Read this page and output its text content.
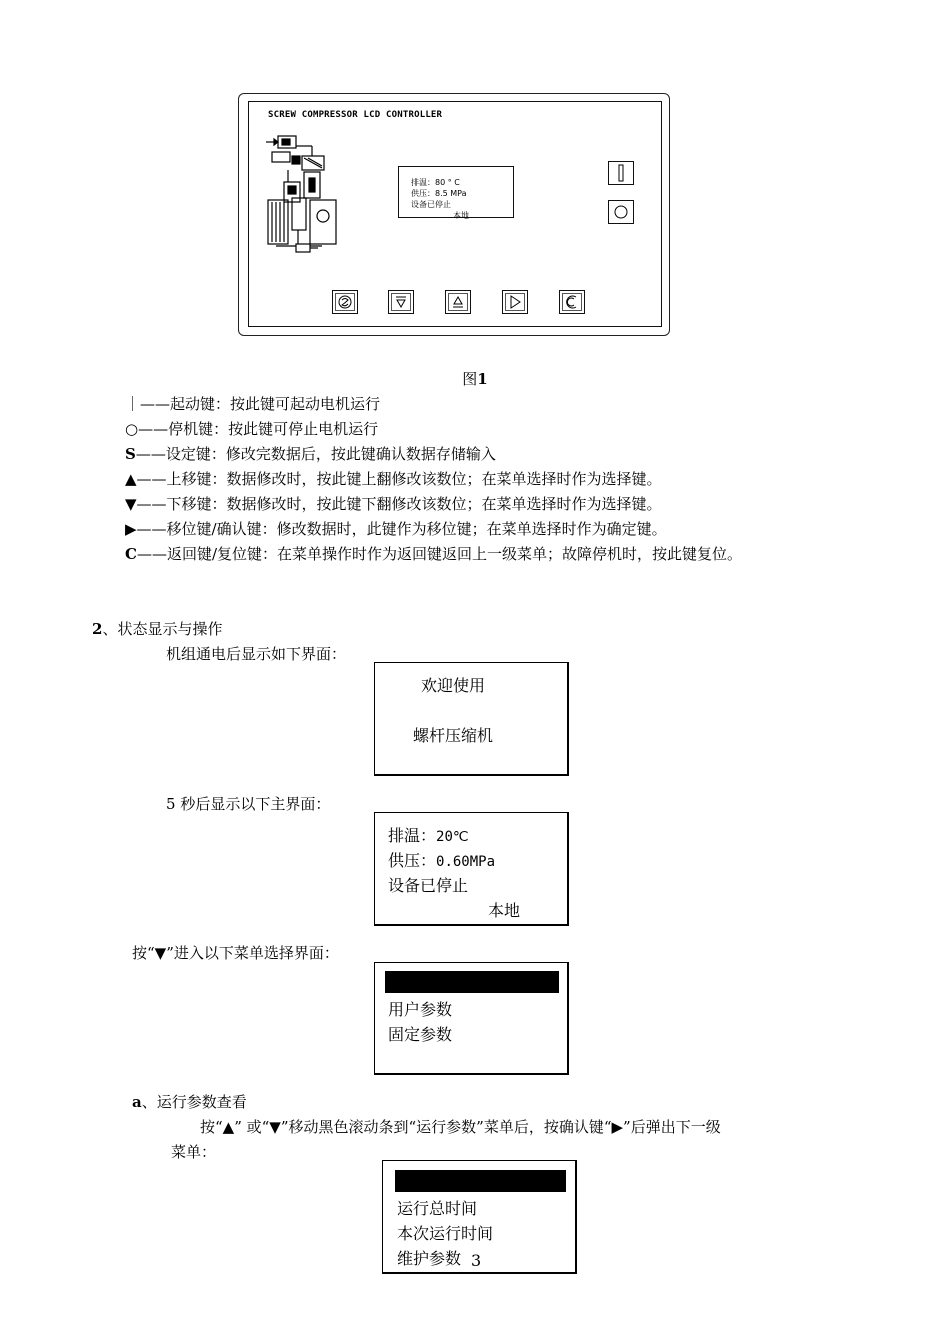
SCREW COMPRESSOR LCD CONTROLLER
排温：80 ° C
供压：8.5 MPa
设备已停止
本地
图1
｜——起动键：按此键可起动电机运行
○——停机键：按此键可停止电机运行
S——设定键：修改完数据后，按此键确认数据存储输入
▲——上移键：数据修改时，按此键上翻修改该数位；在菜单选择时作为选择键。
▼——下移键：数据修改时，按此键下翻修改该数位；在菜单选择时作为选择键。
▶——移位键/确认键：修改数据时，此键作为移位键；在菜单选择时作为确定键。
C——返回键/复位键：在菜单操作时作为返回键返回上一级菜单；故障停机时，按此键复位。
2、状态显示与操作
机组通电后显示如下界面：
欢迎使用
螺杆压缩机
5 秒后显示以下主界面：
排温：20℃
供压：0.60MPa
设备已停止
本地
按“▼”进入以下菜单选择界面：
运行参数
用户参数
固定参数
a、运行参数查看
按“▲” 或“▼”移动黑色滚动条到“运行参数”菜单后，按确认键“▶”后弹出下一级
菜单：
电机电流
运行总时间
本次运行时间
维护参数 3
